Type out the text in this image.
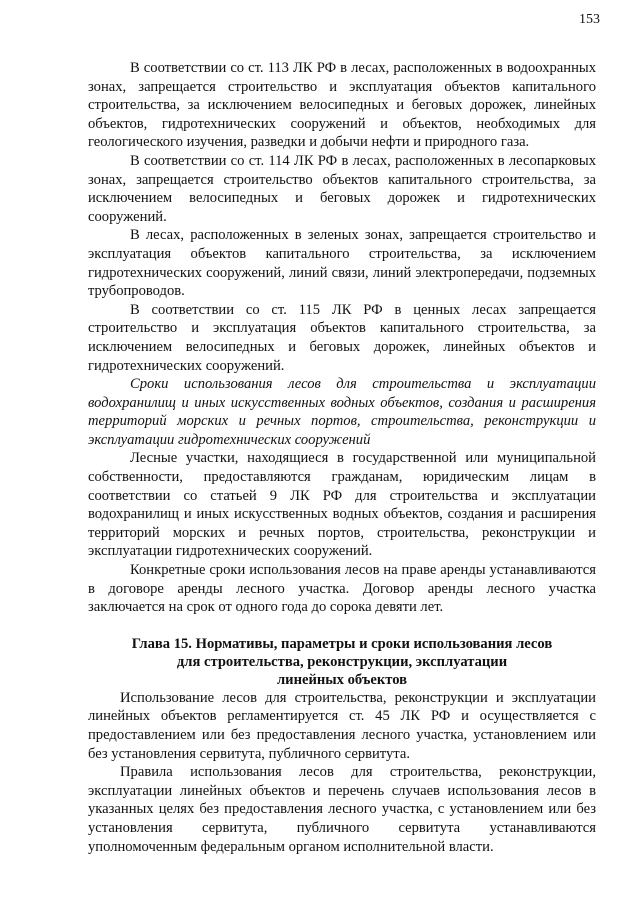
153

В соответствии со ст. 113 ЛК РФ в лесах, расположенных в водоохранных зонах, запрещается строительство и эксплуатация объектов капитального строительства, за исключением велосипедных и беговых дорожек, линейных объектов, гидротехнических сооружений и объектов, необходимых для геологического изучения, разведки и добычи нефти и природного газа.

В соответствии со ст. 114 ЛК РФ в лесах, расположенных в лесопарковых зонах, запрещается строительство объектов капитального строительства, за исключением велосипедных и беговых дорожек и гидротехнических сооружений.

В лесах, расположенных в зеленых зонах, запрещается строительство и эксплуатация объектов капитального строительства, за исключением гидротехнических сооружений, линий связи, линий электропередачи, подземных трубопроводов.

В соответствии со ст. 115 ЛК РФ в ценных лесах запрещается строительство и эксплуатация объектов капитального строительства, за исключением велосипедных и беговых дорожек, линейных объектов и гидротехнических сооружений.

Сроки использования лесов для строительства и эксплуатации водохранилищ и иных искусственных водных объектов, создания и расширения территорий морских и речных портов, строительства, реконструкции и эксплуатации гидротехнических сооружений

Лесные участки, находящиеся в государственной или муниципальной собственности, предоставляются гражданам, юридическим лицам в соответствии со статьей 9 ЛК РФ для строительства и эксплуатации водохранилищ и иных искусственных водных объектов, создания и расширения территорий морских и речных портов, строительства, реконструкции и эксплуатации гидротехнических сооружений.

Конкретные сроки использования лесов на праве аренды устанавливаются в договоре аренды лесного участка. Договор аренды лесного участка заключается на срок от одного года до сорока девяти лет.

Глава 15. Нормативы, параметры и сроки использования лесов
для строительства, реконструкции, эксплуатации
линейных объектов

Использование лесов для строительства, реконструкции и эксплуатации линейных объектов регламентируется ст. 45 ЛК РФ и осуществляется с предоставлением или без предоставления лесного участка, установлением или без установления сервитута, публичного сервитута.

Правила использования лесов для строительства, реконструкции, эксплуатации линейных объектов и перечень случаев использования лесов в указанных целях без предоставления лесного участка, с установлением или без установления сервитута, публичного сервитута устанавливаются уполномоченным федеральным органом исполнительной власти.
